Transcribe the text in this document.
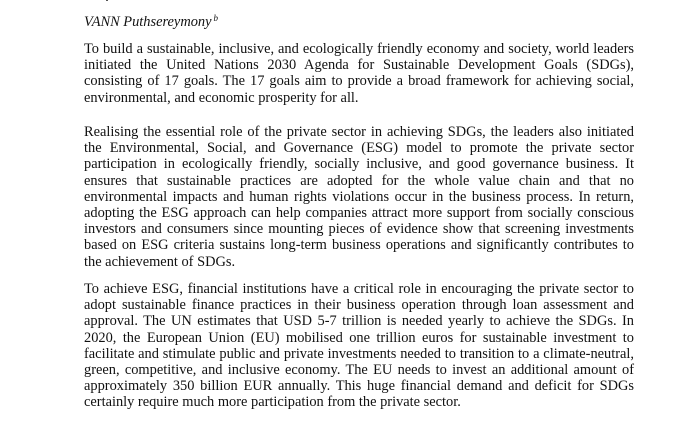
VANN Puthsereymony $^b$

To build a sustainable, inclusive, and ecologically friendly economy and society, world leaders initiated the United Nations 2030 Agenda for Sustainable Development Goals (SDGs), consisting of 17 goals. The 17 goals aim to provide a broad framework for achieving social, environmental, and economic prosperity for all.

Realising the essential role of the private sector in achieving SDGs, the leaders also initiated the Environmental, Social, and Governance (ESG) model to promote the private sector participation in ecologically friendly, socially inclusive, and good governance business. It ensures that sustainable practices are adopted for the whole value chain and that no environmental impacts and human rights violations occur in the business process. In return, adopting the ESG approach can help companies attract more support from socially conscious investors and consumers since mounting pieces of evidence show that screening investments based on ESG criteria sustains long-term business operations and significantly contributes to the achievement of SDGs.

To achieve ESG, financial institutions have a critical role in encouraging the private sector to adopt sustainable finance practices in their business operation through loan assessment and approval. The UN estimates that USD 5-7 trillion is needed yearly to achieve the SDGs. In 2020, the European Union (EU) mobilised one trillion euros for sustainable investment to facilitate and stimulate public and private investments needed to transition to a climate-neutral, green, competitive, and inclusive economy. The EU needs to invest an additional amount of approximately 350 billion EUR annually. This huge financial demand and deficit for SDGs certainly require much more participation from the private sector.
